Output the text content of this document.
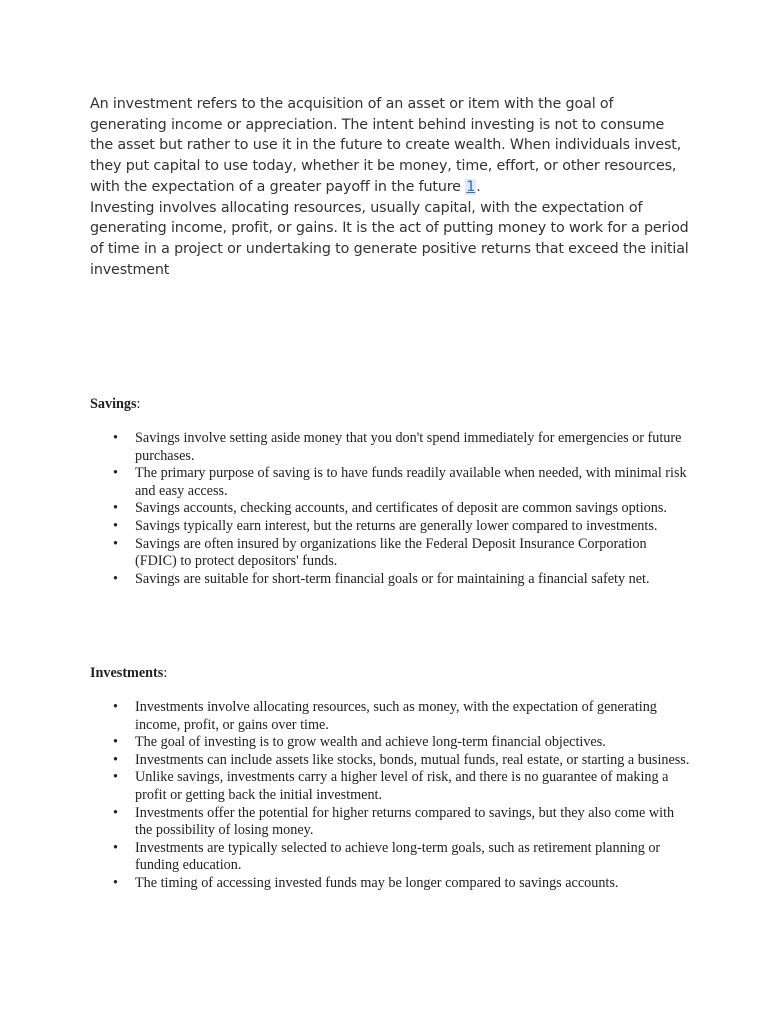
An investment refers to the acquisition of an asset or item with the goal of generating income or appreciation. The intent behind investing is not to consume the asset but rather to use it in the future to create wealth. When individuals invest, they put capital to use today, whether it be money, time, effort, or other resources, with the expectation of a greater payoff in the future 1.

Investing involves allocating resources, usually capital, with the expectation of generating income, profit, or gains. It is the act of putting money to work for a period of time in a project or undertaking to generate positive returns that exceed the initial investment

Savings:

• Savings involve setting aside money that you don't spend immediately for emergencies or future purchases.
• The primary purpose of saving is to have funds readily available when needed, with minimal risk and easy access.
• Savings accounts, checking accounts, and certificates of deposit are common savings options.
• Savings typically earn interest, but the returns are generally lower compared to investments.
• Savings are often insured by organizations like the Federal Deposit Insurance Corporation (FDIC) to protect depositors' funds.
• Savings are suitable for short-term financial goals or for maintaining a financial safety net.

Investments:

• Investments involve allocating resources, such as money, with the expectation of generating income, profit, or gains over time.
• The goal of investing is to grow wealth and achieve long-term financial objectives.
• Investments can include assets like stocks, bonds, mutual funds, real estate, or starting a business.
• Unlike savings, investments carry a higher level of risk, and there is no guarantee of making a profit or getting back the initial investment.
• Investments offer the potential for higher returns compared to savings, but they also come with the possibility of losing money.
• Investments are typically selected to achieve long-term goals, such as retirement planning or funding education.
• The timing of accessing invested funds may be longer compared to savings accounts.
